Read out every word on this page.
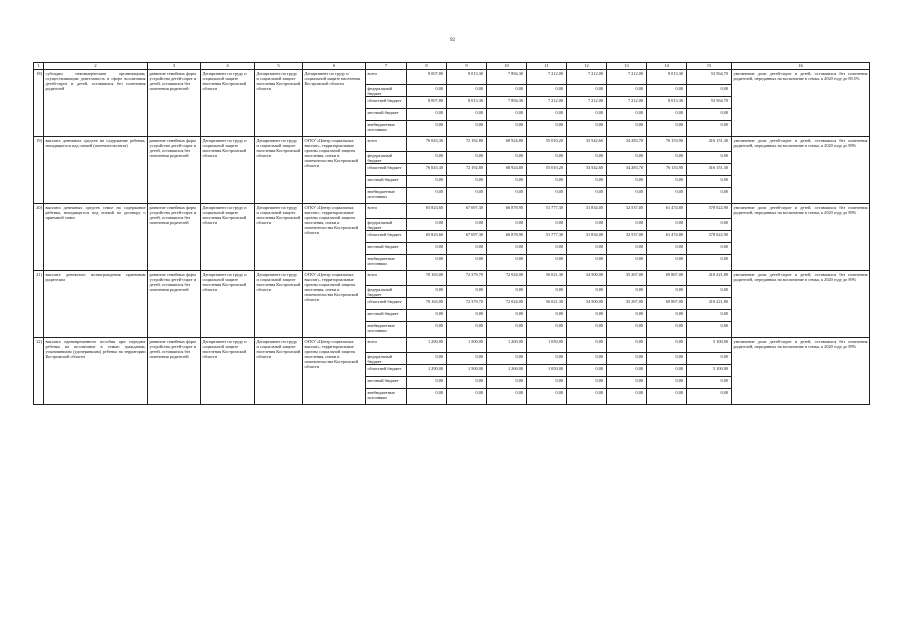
92
1	2	3	4	5	6	7	8	9	10	11	12	13	14	15	16
18)	субсидии некоммерческим организациям, осуществляющим деятельность в сфере воспитания детей-сирот и детей, оставшихся без попечения родителей	развитие семейных форм устройства детей-сирот и детей, оставшихся без попечения родителей	Департамент по труду и социальной защите населения Костромской области	Департамент по труду и социальной защите населения Костромской области	Департамент по труду и социальной защите населения Костромской области	всего	8 007,80	8 013,30	7 894,30	7 212,00	7 212,00	7 212,00	8 013,30	53 564,70	увеличение доли детей-сирот и детей, оставшихся без попечения родителей, переданных на воспитание в семьи, к 2020 году до 89,5%
						федеральный бюджет	0,00	0,00	0,00	0,00	0,00	0,00	0,00	0,00	
						областной бюджет	8 007,80	8 013,30	7 894,30	7 212,00	7 212,00	7 212,00	8 013,30	53 564,70	
						местный бюджет	0,00	0,00	0,00	0,00	0,00	0,00	0,00	0,00	
						внебюджетные источники	0,00	0,00	0,00	0,00	0,00	0,00	0,00	0,00	
19)	выплата денежных средств на содержание ребенка, находящегося под опекой (попечительством)	развитие семейных форм устройства детей-сирот и детей, оставшихся без попечения родителей	Департамент по труду и социальной защите населения Костромской области	Департамент по труду и социальной защите населения Костромской области	ОГКУ «Центр социальных выплат», территориальные органы социальной защиты населения, опеки и попечительства Костромской области	всего	76 043,30	72 192,80	68 924,80	55 010,20	33 542,60	34 283,70	76 153,90	416 151,30	увеличение доли детей-сирот и детей, оставшихся без попечения родителей, переданных на воспитание в семьи, к 2020 году до 89%
						федеральный бюджет	0,00	0,00	0,00	0,00	0,00	0,00	0,00	0,00	
						областной бюджет	76 043,30	72 192,80	68 924,80	55 010,20	33 542,60	34 283,70	76 153,90	416 151,30	
						местный бюджет	0,00	0,00	0,00	0,00	0,00	0,00	0,00	0,00	
						внебюджетные источники	0,00	0,00	0,00	0,00	0,00	0,00	0,00	0,00	
20)	выплата денежных средств семье на содержание ребенка, находящегося под опекой по договору о приемной семье	развитие семейных форм устройства детей-сирот и детей, оставшихся без попечения родителей	Департамент по труду и социальной защите населения Костромской области	Департамент по труду и социальной защите населения Костромской области	ОГКУ «Центр социальных выплат», территориальные органы социальной защиты населения, опеки и попечительства Костромской области	всего	65 823,60	67 697,30	66 878,90	51 777,30	31 834,00	32 537,00	61 474,80	378 022,90	увеличение доли детей-сирот и детей, оставшихся без попечения родителей, переданных на воспитание в семьи, к 2020 году до 89%
						федеральный бюджет	0,00	0,00	0,00	0,00	0,00	0,00	0,00	0,00	
						областной бюджет	65 823,60	67 697,30	66 878,90	51 777,30	31 834,00	32 537,00	61 474,80	378 022,90	
						местный бюджет	0,00	0,00	0,00	0,00	0,00	0,00	0,00	0,00	
						внебюджетные источники	0,00	0,00	0,00	0,00	0,00	0,00	0,00	0,00	
21)	выплата денежного вознаграждения приемным родителям	развитие семейных форм устройства детей-сирот и детей, оставшихся без попечения родителей	Департамент по труду и социальной защите населения Костромской области	Департамент по труду и социальной защите населения Костромской области	ОГКУ «Центр социальных выплат», территориальные органы социальной защиты населения, опеки и попечительства Костромской области	всего	70 163,00	72 379,70	72 024,00	56 021,30	34 500,00	35 267,00	69 867,00	410 221,80	увеличение доли детей-сирот и детей, оставшихся без попечения родителей, переданных на воспитание в семьи, к 2020 году до 89%
						федеральный бюджет	0,00	0,00	0,00	0,00	0,00	0,00	0,00	0,00	
						областной бюджет	70 163,00	72 379,70	72 024,00	56 021,30	34 500,00	35 267,00	69 867,00	410 221,80	
						местный бюджет	0,00	0,00	0,00	0,00	0,00	0,00	0,00	0,00	
						внебюджетные источники	0,00	0,00	0,00	0,00	0,00	0,00	0,00	0,00	
22)	выплата единовременного пособия при передаче ребенка на воспитание в семью гражданам, усыновившим (удочерившим) ребенка на территории Костромской области	развитие семейных форм устройства детей-сирот и детей, оставшихся без попечения родителей	Департамент по труду и социальной защите населения Костромской области	Департамент по труду и социальной защите населения Костромской области	ОГКУ «Центр социальных выплат», территориальные органы социальной защиты населения, опеки и попечительства Костромской области	всего	1 290,00	1 500,00	1 260,00	1 050,00	0,00	0,00	0,00	5 100,00	увеличение доли детей-сирот и детей, оставшихся без попечения родителей, переданных на воспитание в семьи, к 2020 году до 89%
						федеральный бюджет	0,00	0,00	0,00	0,00	0,00	0,00	0,00	0,00	
						областной бюджет	1 290,00	1 500,00	1 260,00	1 050,00	0,00	0,00	0,00	5 100,00	
						местный бюджет	0,00	0,00	0,00	0,00	0,00	0,00	0,00	0,00	
						внебюджетные источники	0,00	0,00	0,00	0,00	0,00	0,00	0,00	0,00	
